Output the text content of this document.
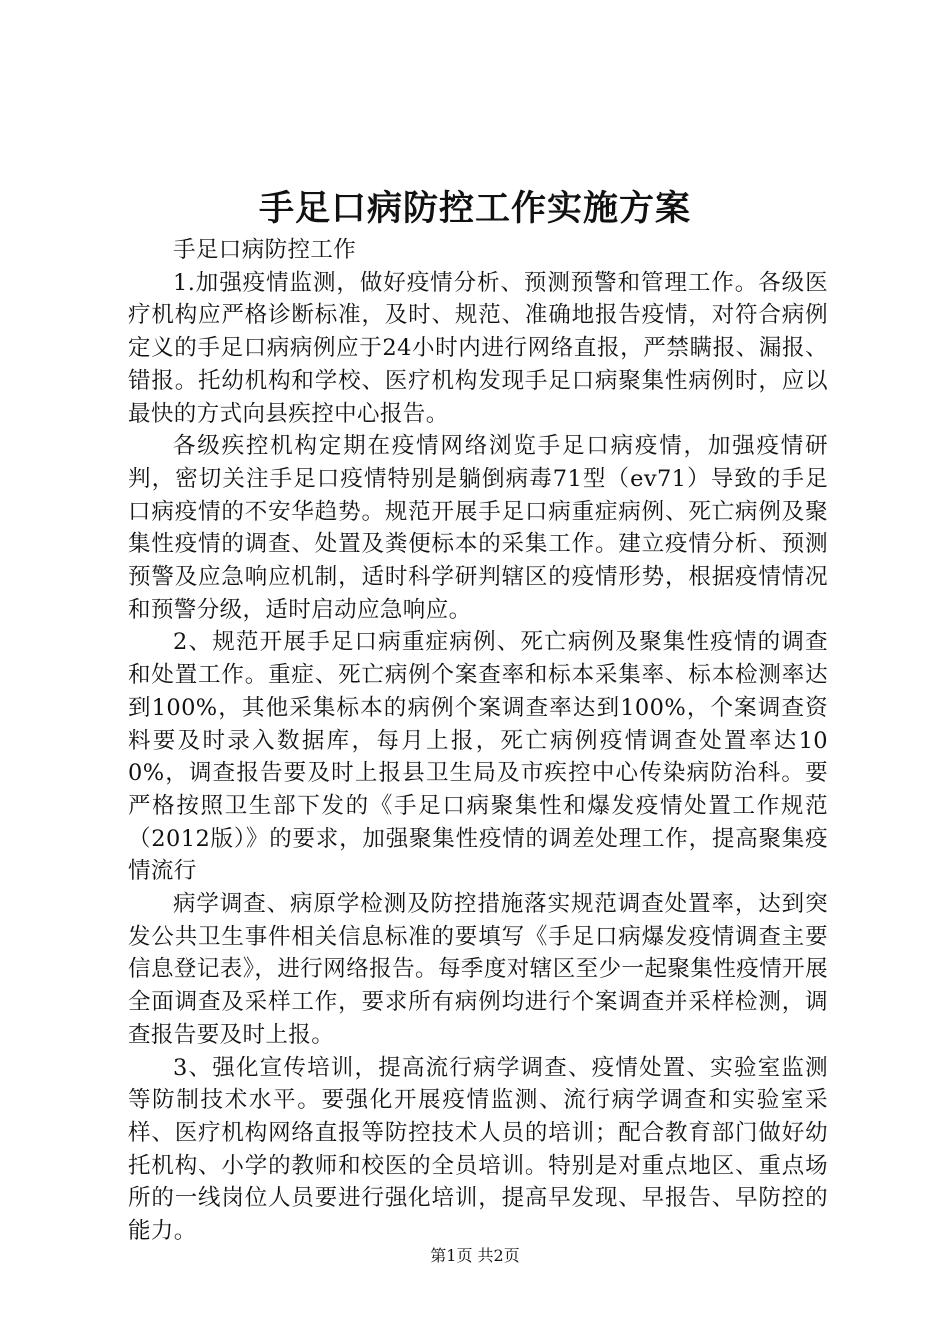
手足口病防控工作实施方案

手足口病防控工作

1.加强疫情监测，做好疫情分析、预测预警和管理工作。各级医疗机构应严格诊断标准，及时、规范、准确地报告疫情，对符合病例定义的手足口病病例应于24小时内进行网络直报，严禁瞒报、漏报、错报。托幼机构和学校、医疗机构发现手足口病聚集性病例时，应以最快的方式向县疾控中心报告。

各级疾控机构定期在疫情网络浏览手足口病疫情，加强疫情研判，密切关注手足口疫情特别是躺倒病毒71型（ev71）导致的手足口病疫情的不安华趋势。规范开展手足口病重症病例、死亡病例及聚集性疫情的调查、处置及粪便标本的采集工作。建立疫情分析、预测预警及应急响应机制，适时科学研判辖区的疫情形势，根据疫情情况和预警分级，适时启动应急响应。

2、规范开展手足口病重症病例、死亡病例及聚集性疫情的调查和处置工作。重症、死亡病例个案查率和标本采集率、标本检测率达到100%，其他采集标本的病例个案调查率达到100%，个案调查资料要及时录入数据库，每月上报，死亡病例疫情调查处置率达100%，调查报告要及时上报县卫生局及市疾控中心传染病防治科。要严格按照卫生部下发的《手足口病聚集性和爆发疫情处置工作规范（2012版）》的要求，加强聚集性疫情的调差处理工作，提高聚集疫情流行

病学调查、病原学检测及防控措施落实规范调查处置率，达到突发公共卫生事件相关信息标准的要填写《手足口病爆发疫情调查主要信息登记表》，进行网络报告。每季度对辖区至少一起聚集性疫情开展全面调查及采样工作，要求所有病例均进行个案调查并采样检测，调查报告要及时上报。

3、强化宣传培训，提高流行病学调查、疫情处置、实验室监测等防制技术水平。要强化开展疫情监测、流行病学调查和实验室采样、医疗机构网络直报等防控技术人员的培训；配合教育部门做好幼托机构、小学的教师和校医的全员培训。特别是对重点地区、重点场所的一线岗位人员要进行强化培训，提高早发现、早报告、早防控的能力。

第1页 共2页
